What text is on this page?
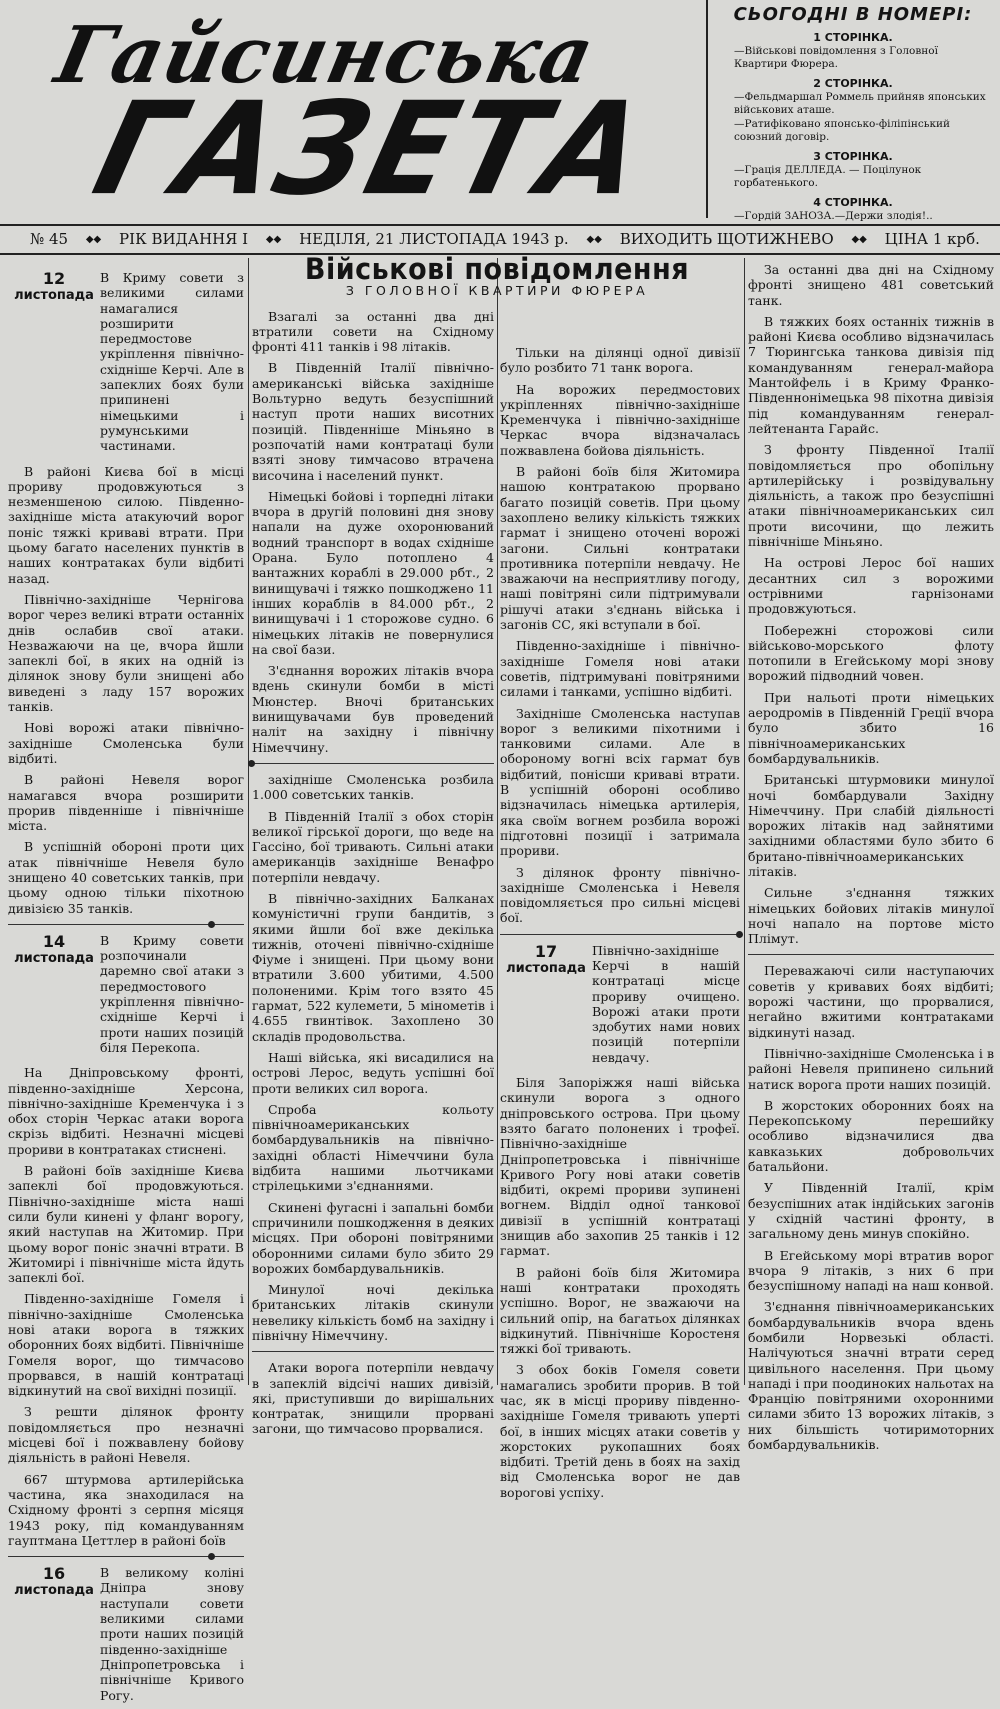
Гайсинська
ГАЗЕТА
СЬОГОДНІ В НОМЕРІ:
1 СТОРІНКА.
—Військові повідомлення з Головної Квартири Фюрера.
2 СТОРІНКА.
—Фельдмаршал Роммель прийняв японських військових аташе.
—Ратифіковано японсько-філіпінський союзний договір.
3 СТОРІНКА.
—Грація ДЕЛЛЕДА. — Поцілунок горбатенького.
4 СТОРІНКА.
—Гордій ЗАНОЗА.—Держи злодія!..
№ 45 ◆◆ РІК ВИДАННЯ І ◆◆ НЕДІЛЯ, 21 ЛИСТОПАДА 1943 р. ◆◆ ВИХОДИТЬ ЩОТИЖНЕВО ◆◆ ЦІНА 1 крб.
12
листопада

В Криму совети з великими силами намагалися розширити передмостове укріплення північно-східніше Керчі. Але в запеклих боях були припинені німецькими і румунськими частинами.

В районі Києва бої в місці прориву продовжуються з незменшеною силою. Південно-західніше міста атакуючий ворог поніс тяжкі криваві втрати. При цьому багато населених пунктів в наших контратаках були відбиті назад.

Північно-західніше Чернігова ворог через великі втрати останніх днів ослабив свої атаки. Незважаючи на це, вчора йшли запеклі бої, в яких на одній із ділянок знову були знищені або виведені з ладу 157 ворожих танків.

Нові ворожі атаки північно-західніше Смоленська були відбиті.

В районі Невеля ворог намагався вчора розширити прорив південніше і північніше міста.

В успішній обороні проти цих атак північніше Невеля було знищено 40 советських танків, при цьому одною тільки піхотною дивізією 35 танків.

14
листопада

В Криму совети розпочинали даремно свої атаки з передмостового укріплення північно-східніше Керчі і проти наших позицій біля Перекопа.

На Дніпровському фронті, південно-західніше Херсона, північно-західніше Кременчука і з обох сторін Черкас атаки ворога скрізь відбиті. Незначні місцеві прориви в контратаках стиснені.

В районі боїв західніше Києва запеклі бої продовжуються. Північно-західніше міста наші сили були кинені у фланг ворогу, який наступав на Житомир. При цьому ворог поніс значні втрати. В Житомирі і північніше міста йдуть запеклі бої.

Південно-західніше Гомеля і північно-західніше Смоленська нові атаки ворога в тяжких оборонних боях відбиті. Північніше Гомеля ворог, що тимчасово прорвався, в нашій контратаці відкинутий на свої вихідні позиції.

З решти ділянок фронту повідомляється про незначні місцеві бої і пожвавлену бойову діяльність в районі Невеля.

667 штурмова артилерійська частина, яка знаходилася на Східному фронті з серпня місяця 1943 року, під командуванням гауптмана Цеттлер в районі боїв

16
листопада

В великому коліні Дніпра знову наступали совети великими силами проти наших позицій південно-західніше Дніпропетровська і північніше Кривого Рогу.

Військові повідомлення
З ГОЛОВНОЇ КВАРТИРИ ФЮРЕРА

Взагалі за останні два дні втратили совети на Східному фронті 411 танків і 98 літаків.

В Південній Італії північно-американські війська західніше Вольтурно ведуть безуспішний наступ проти наших висотних позицій. Південніше Міньяно в розпочатій нами контратаці були взяті знову тимчасово втрачена височина і населений пункт.

Німецькі бойові і торпедні літаки вчора в другій половині дня знову напали на дуже охоронюваний водний транспорт в водах східніше Орана. Було потоплено 4 вантажних кораблі в 29.000 рбт., 2 винищувачі і тяжко пошкоджено 11 інших кораблів в 84.000 рбт., 2 винищувачі і 1 сторожове судно. 6 німецьких літаків не повернулися на свої бази.

З'єднання ворожих літаків вчора вдень скинули бомби в місті Мюнстер. Вночі британських винищувачами був проведений наліт на західну і північну Німеччину.

західніше Смоленська розбила 1.000 советських танків.

В Південній Італії з обох сторін великої гірської дороги, що веде на Гассіно, бої тривають. Сильні атаки американців західніше Венафро потерпіли невдачу.

В північно-західних Балканах комуністичні групи бандитів, з якими йшли бої вже декілька тижнів, оточені північно-східніше Фіуме і знищені. При цьому вони втратили 3.600 убитими, 4.500 полоненими. Крім того взято 45 гармат, 522 кулемети, 5 мінометів і 4.655 гвинтівок. Захоплено 30 складів продовольства.

Наші війська, які висадилися на острові Лерос, ведуть успішні бої проти великих сил ворога.

Спроба кольоту північноамериканських бомбардувальників на північно-західні області Німеччини була відбита нашими льотчиками стрілецькими з'єднаннями.

Скинені фугасні і запальні бомби спричинили пошкодження в деяких місцях. При обороні повітряними оборонними силами було збито 29 ворожих бомбардувальників.

Минулої ночі декілька британських літаків скинули невелику кількість бомб на західну і північну Німеччину.

Атаки ворога потерпіли невдачу в запеклій відсічі наших дивізій, які, приступивши до вирішальних контратак, знищили прорвані загони, що тимчасово прорвалися.

Тільки на ділянці одної дивізії було розбито 71 танк ворога.

На ворожих передмостових укріпленнях північно-західніше Кременчука і північно-західніше Черкас вчора відзначалась пожвавлена бойова діяльність.

В районі боїв біля Житомира нашою контратакою прорвано багато позицій советів. При цьому захоплено велику кількість тяжких гармат і знищено оточені ворожі загони. Сильні контратаки противника потерпіли невдачу. Не зважаючи на несприятливу погоду, наші повітряні сили підтримували рішучі атаки з'єднань війська і загонів СС, які вступали в бої.

Південно-західніше і північно-західніше Гомеля нові атаки советів, підтримувані повітряними силами і танками, успішно відбиті.

Західніше Смоленська наступав ворог з великими піхотними і танковими силами. Але в обороному вогні всіх гармат був відбитий, понісши криваві втрати. В успішній обороні особливо відзначилась німецька артилерія, яка своїм вогнем розбила ворожі підготовні позиції і затримала прориви.

З ділянок фронту північно-західніше Смоленська і Невеля повідомляється про сильні місцеві бої.

17
листопада

Північно-західніше Керчі в нашій контратаці місце прориву очищено. Ворожі атаки проти здобутих нами нових позицій потерпіли невдачу.

Біля Запоріжжя наші війська скинули ворога з одного дніпровського острова. При цьому взято багато полонених і трофеї. Північно-західніше Дніпропетровська і північніше Кривого Рогу нові атаки советів відбиті, окремі прориви зупинені вогнем. Відділ одної танкової дивізії в успішній контратаці знищив або захопив 25 танків і 12 гармат.

В районі боїв біля Житомира наші контратаки проходять успішно. Ворог, не зважаючи на сильний опір, на багатьох ділянках відкинутий. Північніше Коростеня тяжкі бої тривають.

З обох боків Гомеля совети намагались зробити прорив. В той час, як в місці прориву південно-західніше Гомеля тривають уперті бої, в інших місцях атаки советів у жорстоких рукопашних боях відбиті. Третій день в боях на захід від Смоленська ворог не дав ворогові успіху.

За останні два дні на Східному фронті знищено 481 советський танк.

В тяжких боях останніх тижнів в районі Києва особливо відзначилась 7 Тюрингська танкова дивізія під командуванням генерал-майора Мантойфель і в Криму Франко-Південнонімецька 98 піхотна дивізія під командуванням генерал-лейтенанта Гарайс.

З фронту Південної Італії повідомляється про обопільну артилерійську і розвідувальну діяльність, а також про безуспішні атаки північноамериканських сил проти височини, що лежить північніше Міньяно.

На острові Лерос бої наших десантних сил з ворожими острівними гарнізонами продовжуються.

Побережні сторожові сили військово-морського флоту потопили в Егейському морі знову ворожий підводний човен.

При нальоті проти німецьких аеродромів в Південній Греції вчора було збито 16 північноамериканських бомбардувальників.

Британські штурмовики минулої ночі бомбардували Західну Німеччину. При слабій діяльності ворожих літаків над зайнятими західними областями було збито 6 британо-північноамериканських літаків.

Сильне з'єднання тяжких німецьких бойових літаків минулої ночі напало на портове місто Плімут.

Переважаючі сили наступаючих советів у кривавих боях відбиті; ворожі частини, що прорвалися, негайно вжитими контратаками відкинуті назад.

Північно-західніше Смоленська і в районі Невеля припинено сильний натиск ворога проти наших позицій.

В жорстоких оборонних боях на Перекопському перешийку особливо відзначилися два кавказьких добровольчих батальйони.

У Південній Італії, крім безуспішних атак індійських загонів у східній частині фронту, в загальному день минув спокійно.

В Егейському морі втратив ворог вчора 9 літаків, з них 6 при безуспішному нападі на наш конвой.

З'єднання північноамериканських бомбардувальників вчора вдень бомбили Норвезькі області. Налічуються значні втрати серед цивільного населення. При цьому нападі і при поодиноких нальотах на Францію повітряними охоронними силами збито 13 ворожих літаків, з них більшість чотиримоторних бомбардувальників.
